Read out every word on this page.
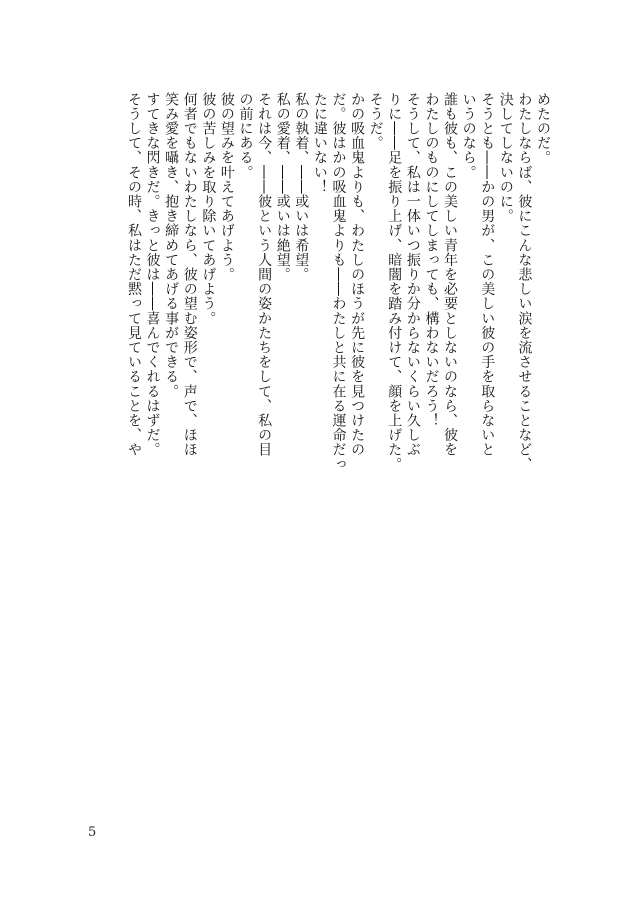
めたのだ。
わたしならば、彼にこんな悲しい涙を流させることなど、
決してしないのに。
そうとも――かの男が、この美しい彼の手を取らないと
いうのなら。
誰も彼も、この美しい青年を必要としないのなら、彼を
わたしのものにしてしまっても、構わないだろう！
そうして、私は一体いつ振りか分からないくらい久しぶ
りに――足を振り上げ、暗闇を踏み付けて、顔を上げた。
そうだ。
かの吸血鬼よりも、わたしのほうが先に彼を見つけたの
だ。彼はかの吸血鬼よりも――わたしと共に在る運命だっ
たに違いない！
私の執着、――或いは希望。
私の愛着、――或いは絶望。
それは今、――彼という人間の姿かたちをして、私の目
の前にある。
彼の望みを叶えてあげよう。
彼の苦しみを取り除いてあげよう。
何者でもないわたしなら、彼の望む姿形で、声で、ほほ
笑み愛を囁き、抱き締めてあげる事ができる。
すてきな閃きだ。きっと彼は――喜んでくれるはずだ。
そうして、その時、私はただ黙って見ていることを、や
5
